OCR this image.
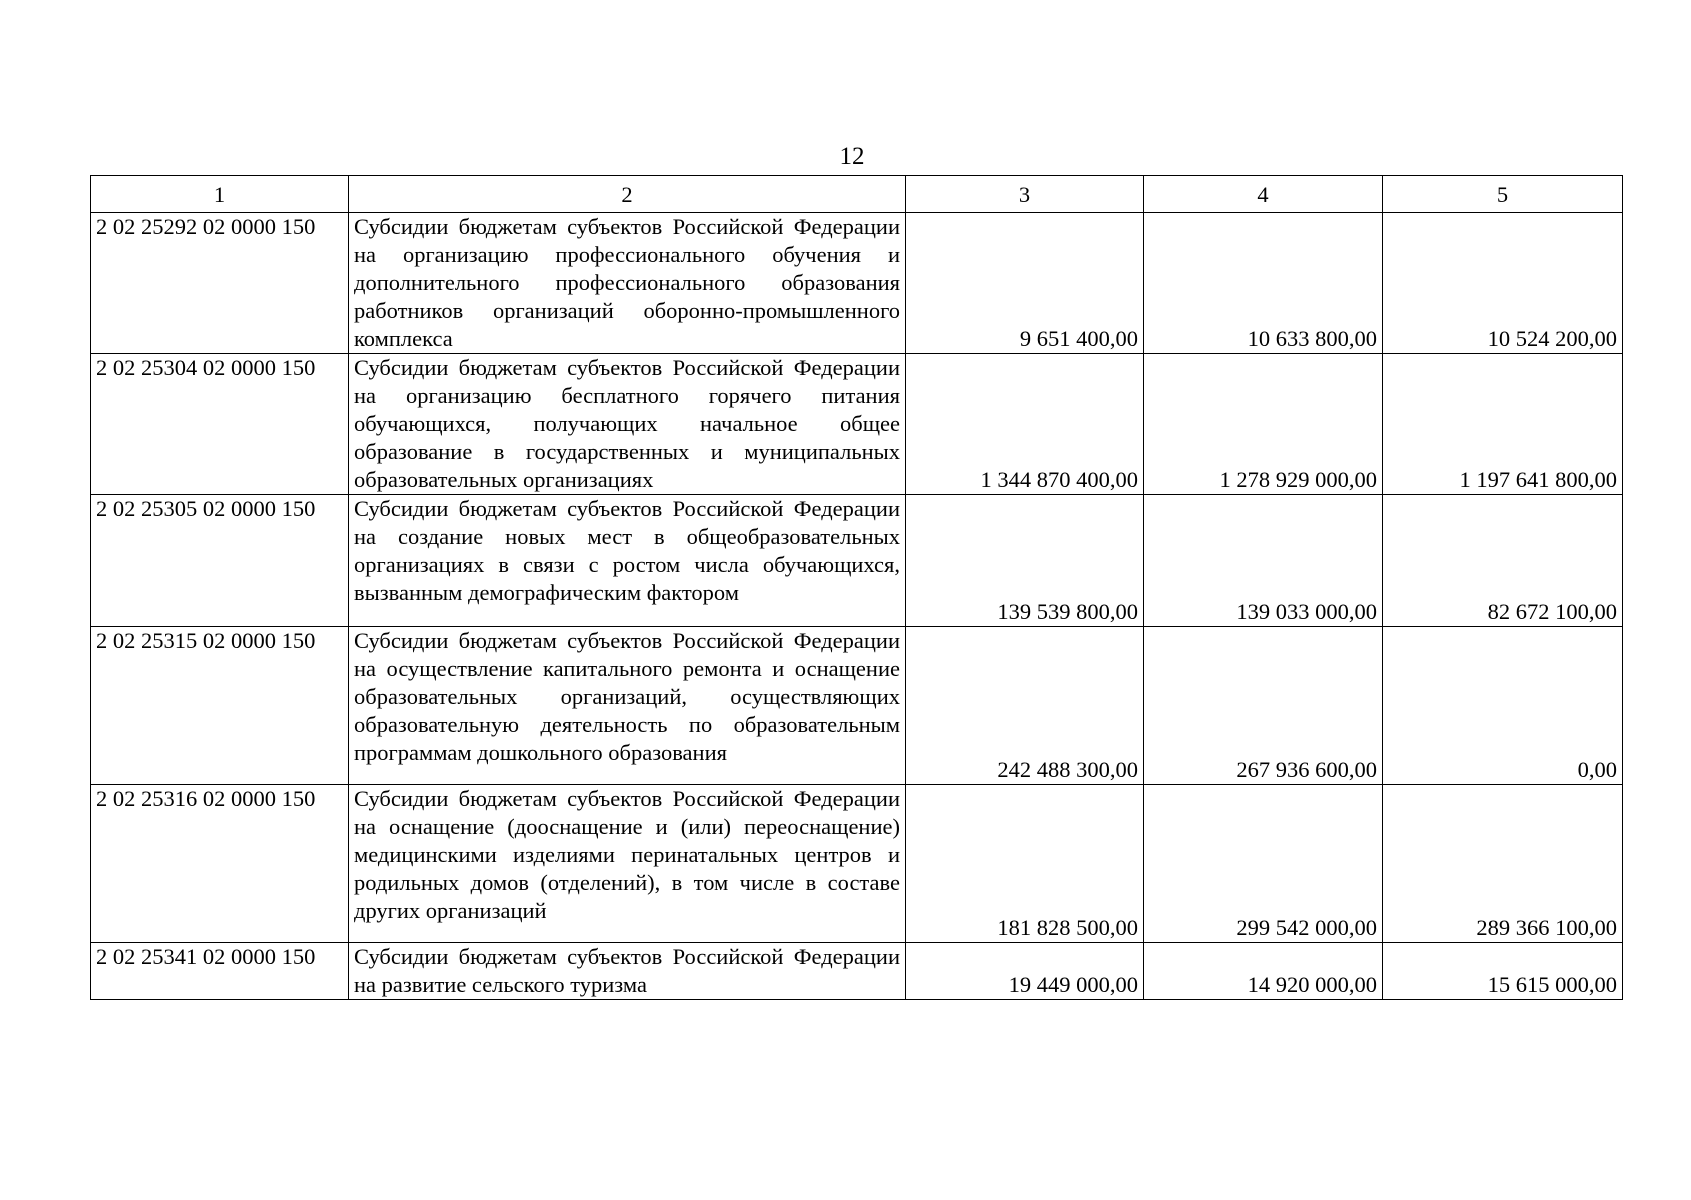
12
1	2	3	4	5
2 02 25292 02 0000 150	Субсидии бюджетам субъектов Российской Федерации на организацию профессионального обучения и дополнительного профессионального образования работников организаций оборонно-промышленного комплекса	9 651 400,00	10 633 800,00	10 524 200,00
2 02 25304 02 0000 150	Субсидии бюджетам субъектов Российской Федерации на организацию бесплатного горячего питания обучающихся, получающих начальное общее образование в государственных и муниципальных образовательных организациях	1 344 870 400,00	1 278 929 000,00	1 197 641 800,00
2 02 25305 02 0000 150	Субсидии бюджетам субъектов Российской Федерации на создание новых мест в общеобразовательных организациях в связи с ростом числа обучающихся, вызванным демографическим фактором	139 539 800,00	139 033 000,00	82 672 100,00
2 02 25315 02 0000 150	Субсидии бюджетам субъектов Российской Федерации на осуществление капитального ремонта и оснащение образовательных организаций, осуществляющих образовательную деятельность по образовательным программам дошкольного образования	242 488 300,00	267 936 600,00	0,00
2 02 25316 02 0000 150	Субсидии бюджетам субъектов Российской Федерации на оснащение (дооснащение и (или) переоснащение) медицинскими изделиями перинатальных центров и родильных домов (отделений), в том числе в составе других организаций	181 828 500,00	299 542 000,00	289 366 100,00
2 02 25341 02 0000 150	Субсидии бюджетам субъектов Российской Федерации на развитие сельского туризма	19 449 000,00	14 920 000,00	15 615 000,00
